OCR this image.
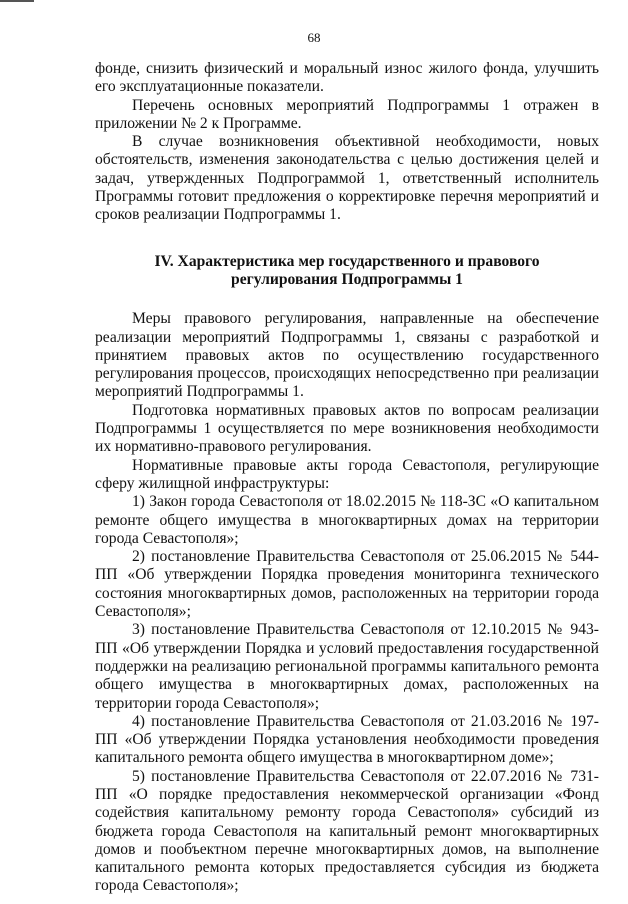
68

фонде, снизить физический и моральный износ жилого фонда, улучшить его эксплуатационные показатели.

Перечень основных мероприятий Подпрограммы 1 отражен в приложении № 2 к Программе.

В случае возникновения объективной необходимости, новых обстоятельств, изменения законодательства с целью достижения целей и задач, утвержденных Подпрограммой 1, ответственный исполнитель Программы готовит предложения о корректировке перечня мероприятий и сроков реализации Подпрограммы 1.

IV. Характеристика мер государственного и правового
регулирования Подпрограммы 1

Меры правового регулирования, направленные на обеспечение реализации мероприятий Подпрограммы 1, связаны с разработкой и принятием правовых актов по осуществлению государственного регулирования процессов, происходящих непосредственно при реализации мероприятий Подпрограммы 1.

Подготовка нормативных правовых актов по вопросам реализации Подпрограммы 1 осуществляется по мере возникновения необходимости их нормативно-правового регулирования.

Нормативные правовые акты города Севастополя, регулирующие сферу жилищной инфраструктуры:

1) Закон города Севастополя от 18.02.2015 № 118-ЗС «О капитальном ремонте общего имущества в многоквартирных домах на территории города Севастополя»;

2) постановление Правительства Севастополя от 25.06.2015 № 544-ПП «Об утверждении Порядка проведения мониторинга технического состояния многоквартирных домов, расположенных на территории города Севастополя»;

3) постановление Правительства Севастополя от 12.10.2015 № 943-ПП «Об утверждении Порядка и условий предоставления государственной поддержки на реализацию региональной программы капитального ремонта общего имущества в многоквартирных домах, расположенных на территории города Севастополя»;

4) постановление Правительства Севастополя от 21.03.2016 № 197-ПП «Об утверждении Порядка установления необходимости проведения капитального ремонта общего имущества в многоквартирном доме»;

5) постановление Правительства Севастополя от 22.07.2016 № 731-ПП «О порядке предоставления некоммерческой организации «Фонд содействия капитальному ремонту города Севастополя» субсидий из бюджета города Севастополя на капитальный ремонт многоквартирных домов и пообъектном перечне многоквартирных домов, на выполнение капитального ремонта которых предоставляется субсидия из бюджета города Севастополя»;
